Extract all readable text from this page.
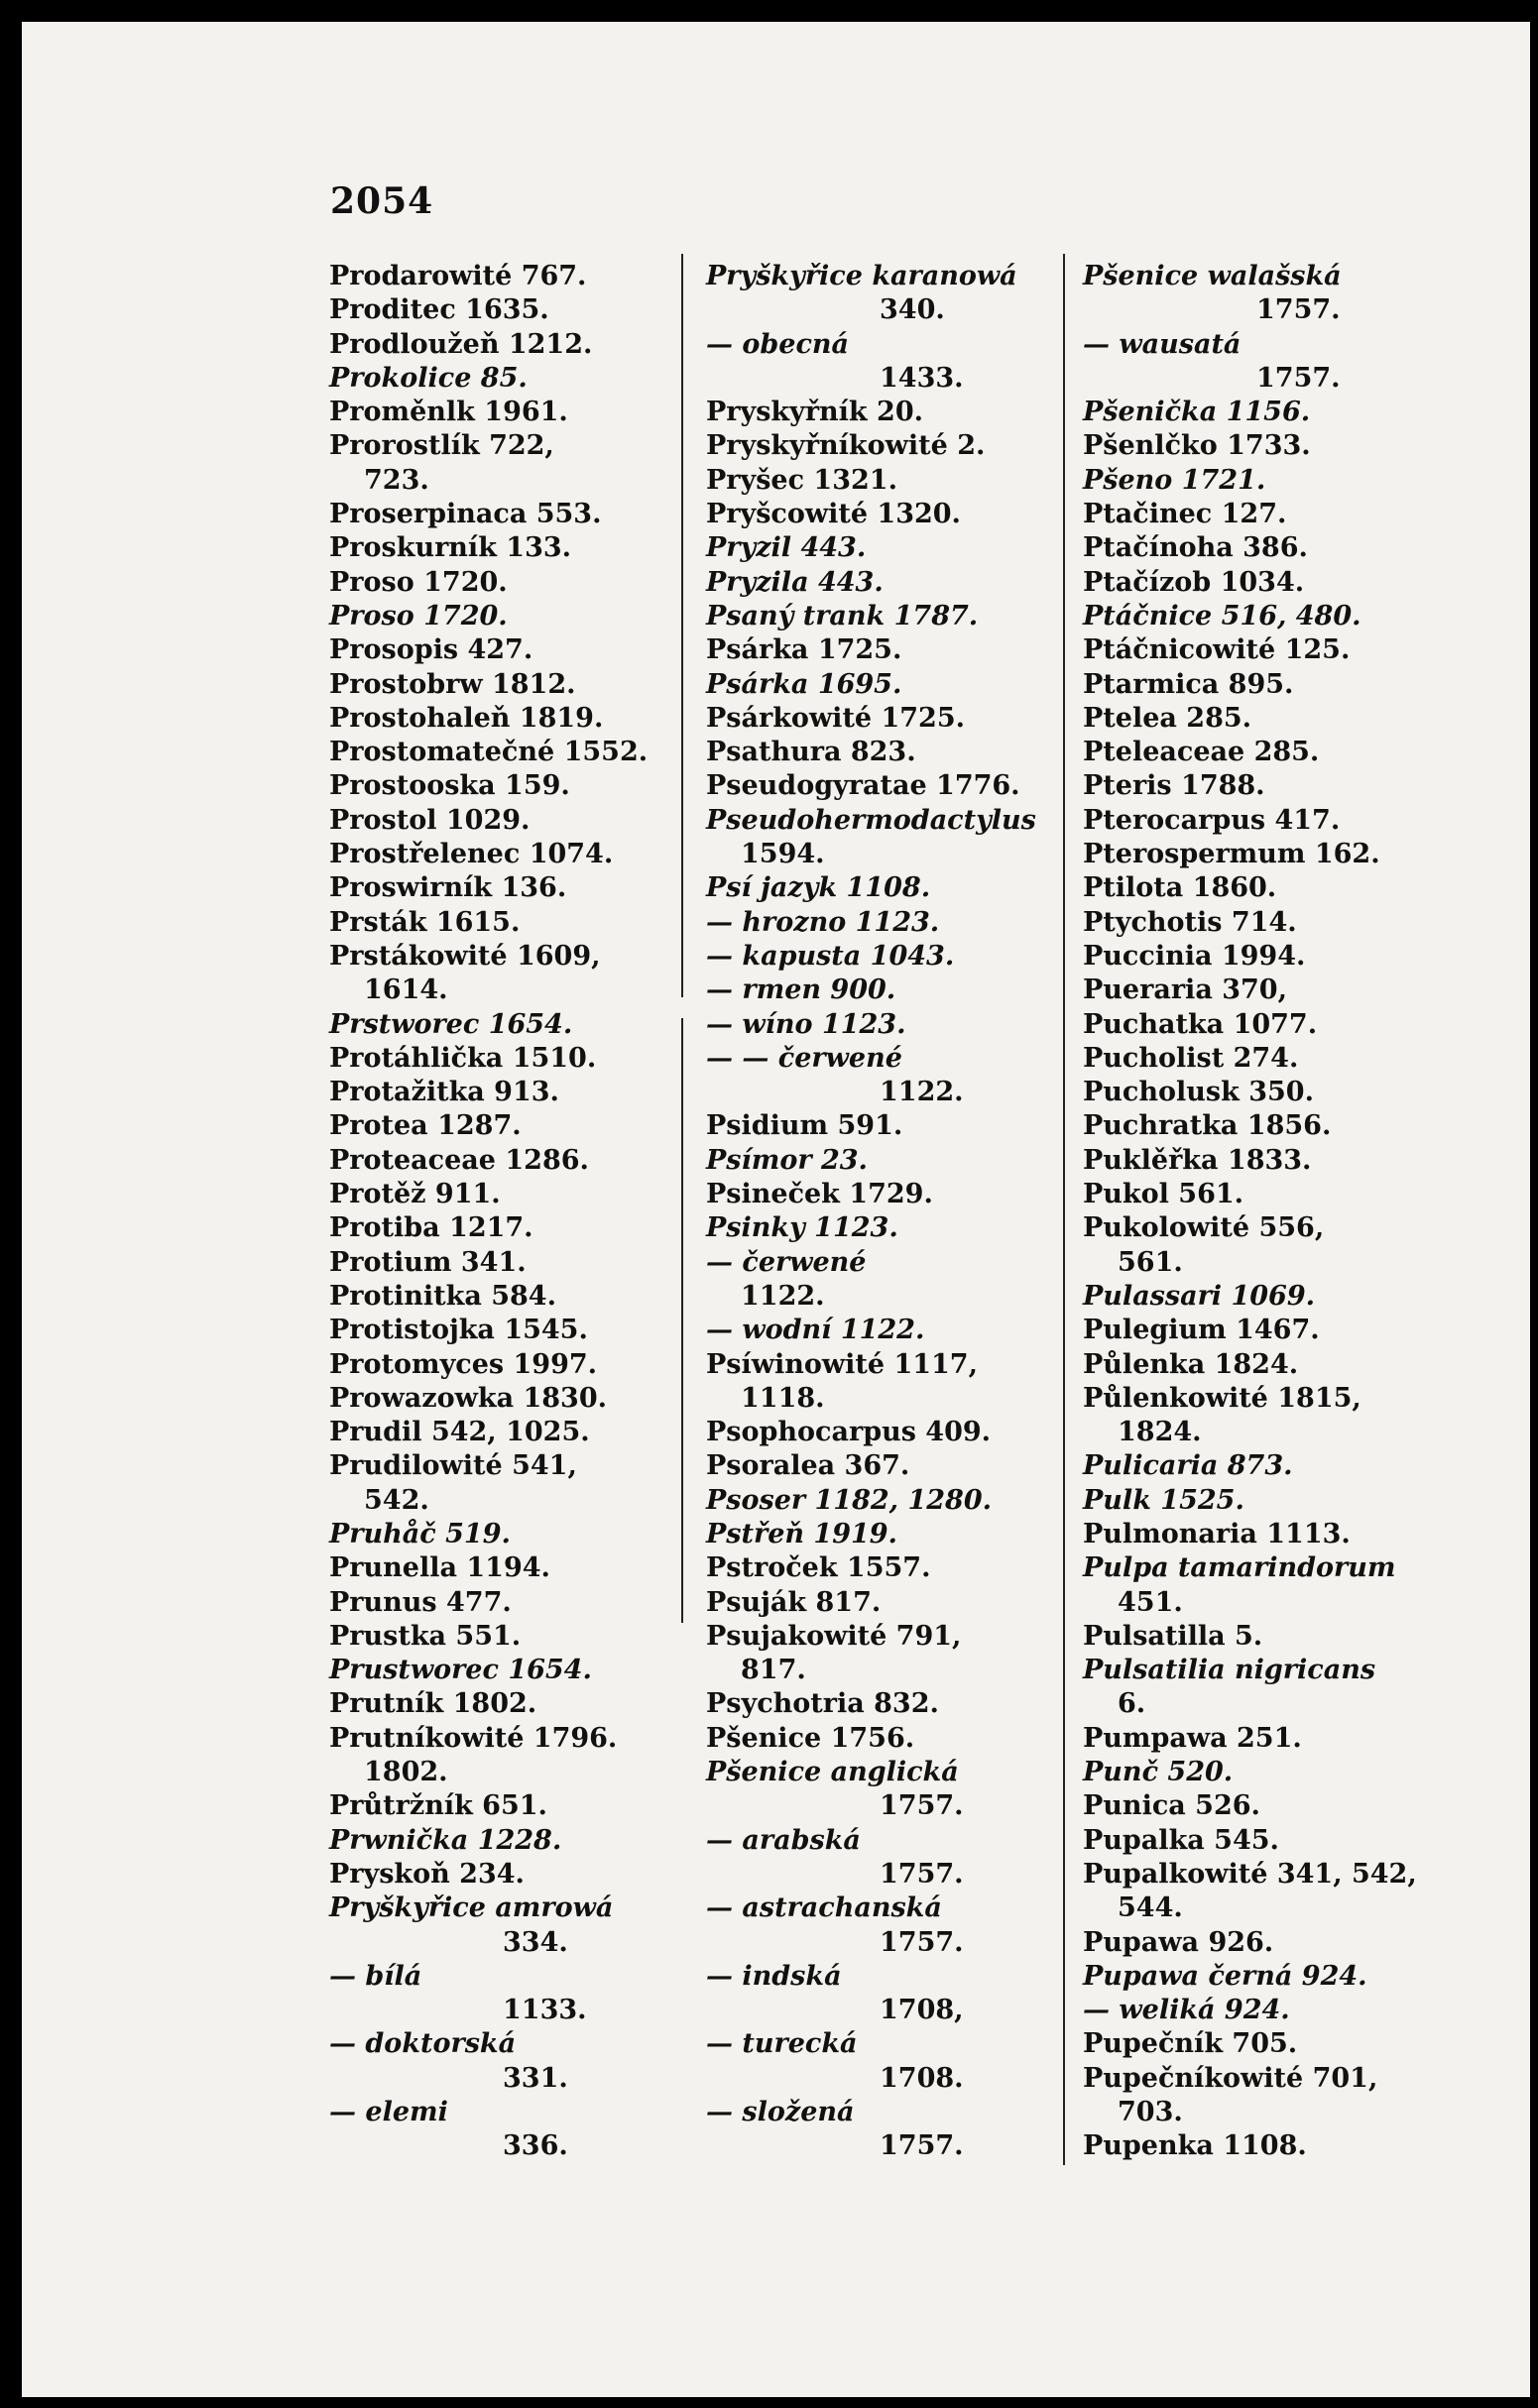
2054
Prodarowité 767.
Proditec 1635.
Prodloužeň 1212.
Prokolice 85.
Proměnlk 1961.
Prorostlík 722,
723.
Proserpinaca 553.
Proskurník 133.
Proso 1720.
Proso 1720.
Prosopis 427.
Prostobrw 1812.
Prostohaleň 1819.
Prostomatečné 1552.
Prostooska 159.
Prostol 1029.
Prostřelenec 1074.
Proswirník 136.
Prsták 1615.
Prstákowité 1609,
1614.
Prstworec 1654.
Protáhlička 1510.
Protažitka 913.
Protea 1287.
Proteaceae 1286.
Protěž 911.
Protiba 1217.
Protium 341.
Protinitka 584.
Protistojka 1545.
Protomyces 1997.
Prowazowka 1830.
Prudil 542, 1025.
Prudilowité 541,
542.
Pruhåč 519.
Prunella 1194.
Prunus 477.
Prustka 551.
Prustworec 1654.
Prutník 1802.
Prutníkowité 1796.
1802.
Průtržník 651.
Prwnička 1228.
Pryskoň 234.
Pryškyřice amrowá
334.
— bílá
1133.
— doktorská
331.
— elemi
336.
Pryškyřice karanowá
340.
— obecná
1433.
Pryskyřník 20.
Pryskyřníkowité 2.
Pryšec 1321.
Pryšcowité 1320.
Pryzil 443.
Pryzila 443.
Psaný trank 1787.
Psárka 1725.
Psárka 1695.
Psárkowité 1725.
Psathura 823.
Pseudogyratae 1776.
Pseudohermodactylus
1594.
Psí jazyk 1108.
— hrozno 1123.
— kapusta 1043.
— rmen 900.
— wíno 1123.
— — čerwené
1122.
Psidium 591.
Psímor 23.
Psineček 1729.
Psinky 1123.
— čerwené
1122.
— wodní 1122.
Psíwinowité 1117,
1118.
Psophocarpus 409.
Psoralea 367.
Psoser 1182, 1280.
Pstřeň 1919.
Pstroček 1557.
Psuják 817.
Psujakowité 791,
817.
Psychotria 832.
Pšenice 1756.
Pšenice anglická
1757.
— arabská
1757.
— astrachanská
1757.
— indská
1708,
— turecká
1708.
— složená
1757.
Pšenice walašská
1757.
— wausatá
1757.
Pšenička 1156.
Pšenlčko 1733.
Pšeno 1721.
Ptačinec 127.
Ptačínoha 386.
Ptačízob 1034.
Ptáčnice 516, 480.
Ptáčnicowité 125.
Ptarmica 895.
Ptelea 285.
Pteleaceae 285.
Pteris 1788.
Pterocarpus 417.
Pterospermum 162.
Ptilota 1860.
Ptychotis 714.
Puccinia 1994.
Pueraria 370,
Puchatka 1077.
Pucholist 274.
Pucholusk 350.
Puchratka 1856.
Puklěřka 1833.
Pukol 561.
Pukolowité 556,
561.
Pulassari 1069.
Pulegium 1467.
Půlenka 1824.
Půlenkowité 1815,
1824.
Pulicaria 873.
Pulk 1525.
Pulmonaria 1113.
Pulpa tamarindorum
451.
Pulsatilla 5.
Pulsatilia nigricans
6.
Pumpawa 251.
Punč 520.
Punica 526.
Pupalka 545.
Pupalkowité 341, 542,
544.
Pupawa 926.
Pupawa černá 924.
— weliká 924.
Pupečník 705.
Pupečníkowité 701,
703.
Pupenka 1108.
